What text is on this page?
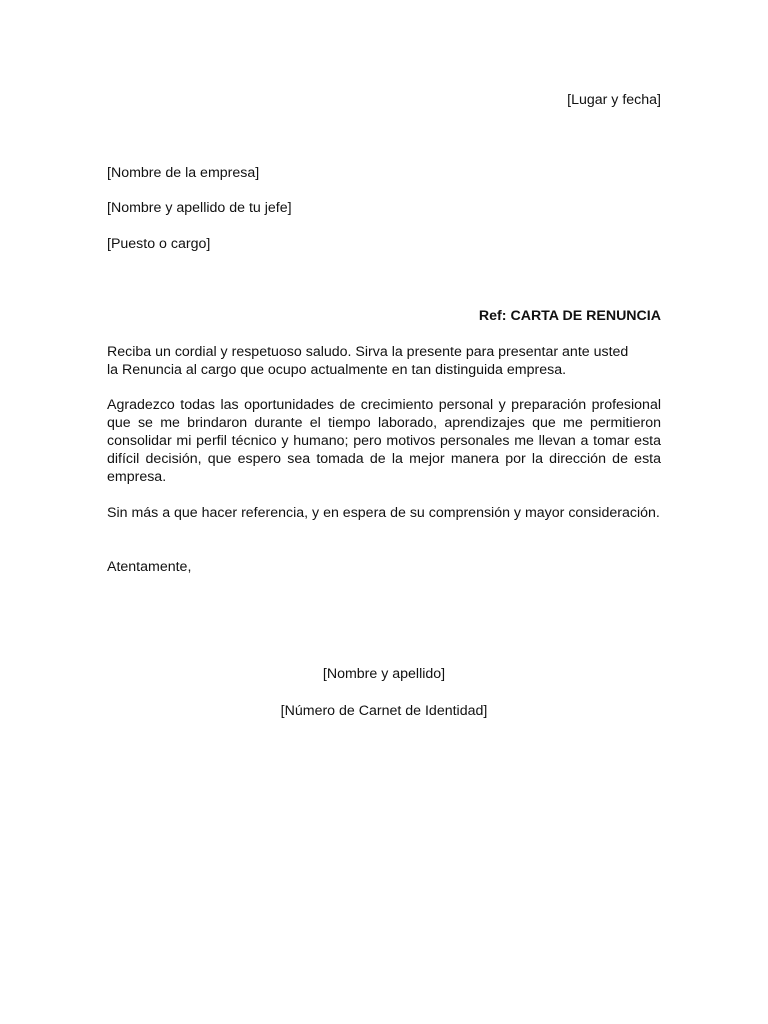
[Lugar y fecha]
[Nombre de la empresa]
[Nombre y apellido de tu jefe]
[Puesto o cargo]
Ref: CARTA DE RENUNCIA
Reciba un cordial y respetuoso saludo. Sirva la presente para presentar ante usted
la Renuncia al cargo que ocupo actualmente en tan distinguida empresa.

Agradezco todas las oportunidades de crecimiento personal y preparación profesional que se me brindaron durante el tiempo laborado, aprendizajes que me permitieron consolidar mi perfil técnico y humano; pero motivos personales me llevan a tomar esta difícil decisión, que espero sea tomada de la mejor manera por la dirección de esta empresa.

Sin más a que hacer referencia, y en espera de su comprensión y mayor consideración.

Atentamente,
[Nombre y apellido]
[Número de Carnet de Identidad]
